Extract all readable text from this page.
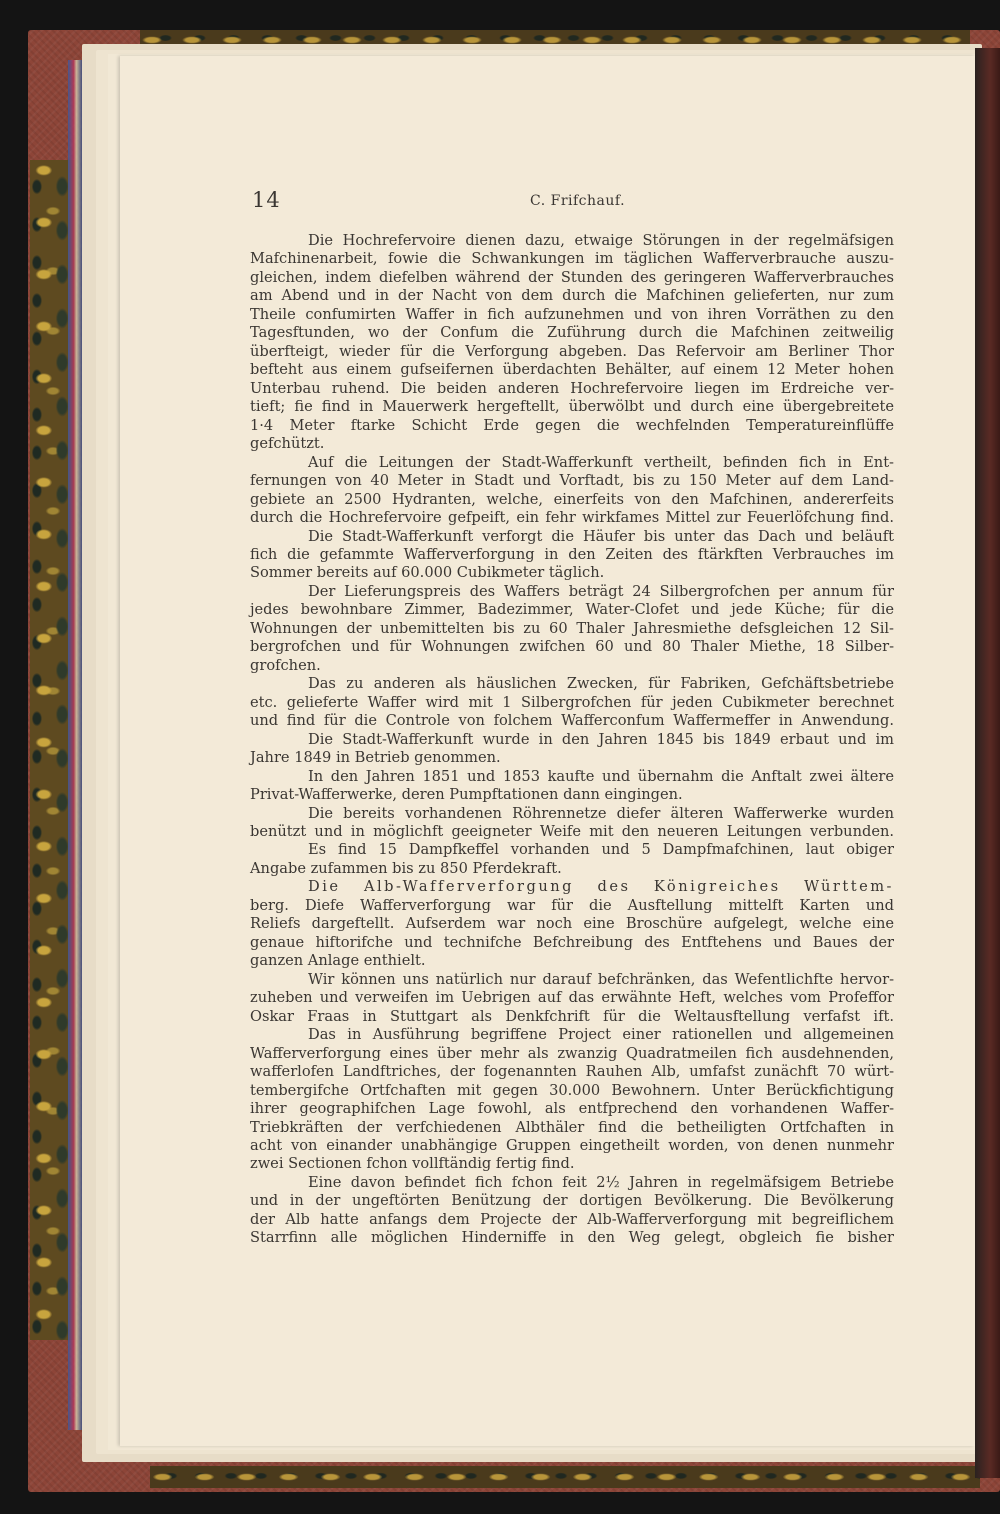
14	C. Frifchauf.
Die Hochrefervoire dienen dazu, etwaige Störungen in der regelmäfsigen
Mafchinenarbeit, fowie die Schwankungen im täglichen Wafferverbrauche auszu-
gleichen, indem diefelben während der Stunden des geringeren Wafferverbrauches
am Abend und in der Nacht von dem durch die Mafchinen gelieferten, nur zum
Theile confumirten Waffer in fich aufzunehmen und von ihren Vorräthen zu den
Tagesftunden, wo der Confum die Zuführung durch die Mafchinen zeitweilig
überfteigt, wieder für die Verforgung abgeben. Das Refervoir am Berliner Thor
befteht aus einem gufseifernen überdachten Behälter, auf einem 12 Meter hohen
Unterbau ruhend. Die beiden anderen Hochrefervoire liegen im Erdreiche ver-
tieft; fie find in Mauerwerk hergeftellt, überwölbt und durch eine übergebreitete
1·4 Meter ftarke Schicht Erde gegen die wechfelnden Temperatureinflüffe
gefchützt.
Auf die Leitungen der Stadt-Wafferkunft vertheilt, befinden fich in Ent-
fernungen von 40 Meter in Stadt und Vorftadt, bis zu 150 Meter auf dem Land-
gebiete an 2500 Hydranten, welche, einerfeits von den Mafchinen, andererfeits
durch die Hochrefervoire gefpeift, ein fehr wirkfames Mittel zur Feuerlöfchung find.
Die Stadt-Wafferkunft verforgt die Häufer bis unter das Dach und beläuft
fich die gefammte Wafferverforgung in den Zeiten des ftärkften Verbrauches im
Sommer bereits auf 60.000 Cubikmeter täglich.
Der Lieferungspreis des Waffers beträgt 24 Silbergrofchen per annum für
jedes bewohnbare Zimmer, Badezimmer, Water-Clofet und jede Küche; für die
Wohnungen der unbemittelten bis zu 60 Thaler Jahresmiethe defsgleichen 12 Sil-
bergrofchen und für Wohnungen zwifchen 60 und 80 Thaler Miethe, 18 Silber-
grofchen.
Das zu anderen als häuslichen Zwecken, für Fabriken, Gefchäftsbetriebe
etc. gelieferte Waffer wird mit 1 Silbergrofchen für jeden Cubikmeter berechnet
und find für die Controle von folchem Wafferconfum Waffermeffer in Anwendung.
Die Stadt-Wafferkunft wurde in den Jahren 1845 bis 1849 erbaut und im
Jahre 1849 in Betrieb genommen.
In den Jahren 1851 und 1853 kaufte und übernahm die Anftalt zwei ältere
Privat-Wafferwerke, deren Pumpftationen dann eingingen.
Die bereits vorhandenen Röhrennetze diefer älteren Wafferwerke wurden
benützt und in möglichft geeigneter Weife mit den neueren Leitungen verbunden.
Es find 15 Dampfkeffel vorhanden und 5 Dampfmafchinen, laut obiger
Angabe zufammen bis zu 850 Pferdekraft.
Die Alb-Wafferverforgung des Königreiches Württem-
berg. Diefe Wafferverforgung war für die Ausftellung mittelft Karten und
Reliefs dargeftellt. Aufserdem war noch eine Broschüre aufgelegt, welche eine
genaue hiftorifche und technifche Befchreibung des Entftehens und Baues der
ganzen Anlage enthielt.
Wir können uns natürlich nur darauf befchränken, das Wefentlichfte hervor-
zuheben und verweifen im Uebrigen auf das erwähnte Heft, welches vom Profeffor
Oskar Fraas in Stuttgart als Denkfchrift für die Weltausftellung verfafst ift.
Das in Ausführung begriffene Project einer rationellen und allgemeinen
Wafferverforgung eines über mehr als zwanzig Quadratmeilen fich ausdehnenden,
wafferlofen Landftriches, der fogenannten Rauhen Alb, umfafst zunächft 70 würt-
tembergifche Ortfchaften mit gegen 30.000 Bewohnern. Unter Berückfichtigung
ihrer geographifchen Lage fowohl, als entfprechend den vorhandenen Waffer-
Triebkräften der verfchiedenen Albthäler find die betheiligten Ortfchaften in
acht von einander unabhängige Gruppen eingetheilt worden, von denen nunmehr
zwei Sectionen fchon vollftändig fertig find.
Eine davon befindet fich fchon feit 2½ Jahren in regelmäfsigem Betriebe
und in der ungeftörten Benützung der dortigen Bevölkerung. Die Bevölkerung
der Alb hatte anfangs dem Projecte der Alb-Wafferverforgung mit begreiflichem
Starrfinn alle möglichen Hinderniffe in den Weg gelegt, obgleich fie bisher
